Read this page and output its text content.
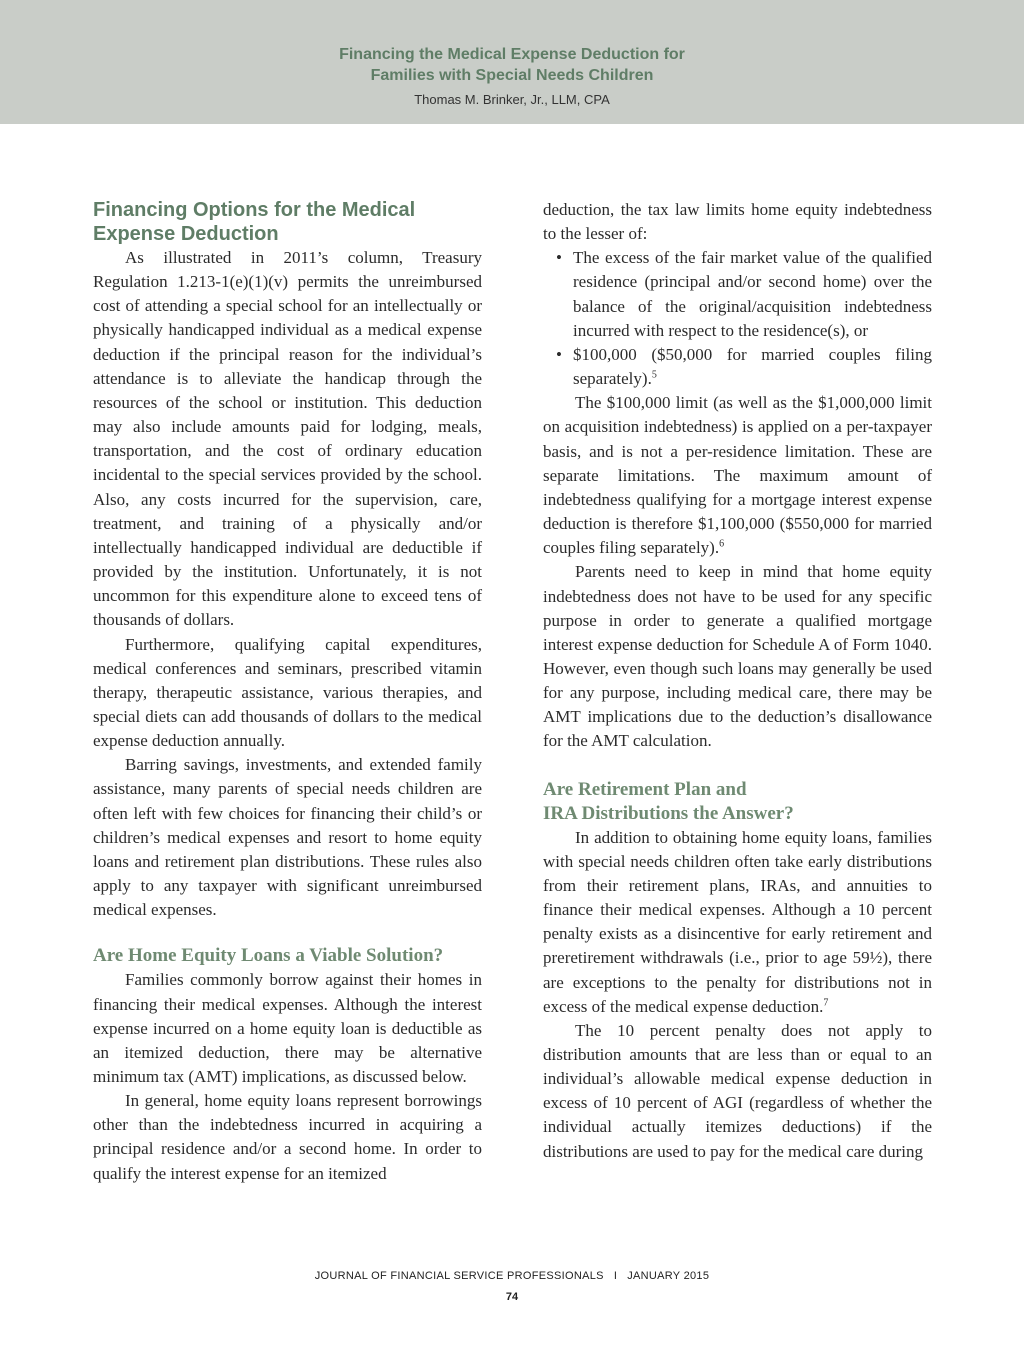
Financing the Medical Expense Deduction for
Families with Special Needs Children
Thomas M. Brinker, Jr., LLM, CPA
Financing Options for the Medical Expense Deduction

As illustrated in 2011’s column, Treasury Regulation 1.213-1(e)(1)(v) permits the unreimbursed cost of attending a special school for an intellectually or physically handicapped individual as a medical expense deduction if the principal reason for the individual’s attendance is to alleviate the handicap through the resources of the school or institution. This deduction may also include amounts paid for lodging, meals, transportation, and the cost of ordinary education incidental to the special services provided by the school. Also, any costs incurred for the supervision, care, treatment, and training of a physically and/or intellectually handicapped individual are deductible if provided by the institution. Unfortunately, it is not uncommon for this expenditure alone to exceed tens of thousands of dollars.

Furthermore, qualifying capital expenditures, medical conferences and seminars, prescribed vitamin therapy, therapeutic assistance, various therapies, and special diets can add thousands of dollars to the medical expense deduction annually.

Barring savings, investments, and extended family assistance, many parents of special needs children are often left with few choices for financing their child’s or children’s medical expenses and resort to home equity loans and retirement plan distributions. These rules also apply to any taxpayer with significant unreimbursed medical expenses.

Are Home Equity Loans a Viable Solution?

Families commonly borrow against their homes in financing their medical expenses. Although the interest expense incurred on a home equity loan is deductible as an itemized deduction, there may be alternative minimum tax (AMT) implications, as discussed below.

In general, home equity loans represent borrowings other than the indebtedness incurred in acquiring a principal residence and/or a second home. In order to qualify the interest expense for an itemized

deduction, the tax law limits home equity indebtedness to the lesser of:

• The excess of the fair market value of the qualified residence (principal and/or second home) over the balance of the original/acquisition indebtedness incurred with respect to the residence(s), or
• $100,000 ($50,000 for married couples filing separately).$^5$

The $100,000 limit (as well as the $1,000,000 limit on acquisition indebtedness) is applied on a per-taxpayer basis, and is not a per-residence limitation. These are separate limitations. The maximum amount of indebtedness qualifying for a mortgage interest expense deduction is therefore $1,100,000 ($550,000 for married couples filing separately).$^6$

Parents need to keep in mind that home equity indebtedness does not have to be used for any specific purpose in order to generate a qualified mortgage interest expense deduction for Schedule A of Form 1040. However, even though such loans may generally be used for any purpose, including medical care, there may be AMT implications due to the deduction’s disallowance for the AMT calculation.

Are Retirement Plan and
IRA Distributions the Answer?

In addition to obtaining home equity loans, families with special needs children often take early distributions from their retirement plans, IRAs, and annuities to finance their medical expenses. Although a 10 percent penalty exists as a disincentive for early retirement and preretirement withdrawals (i.e., prior to age 59½), there are exceptions to the penalty for distributions not in excess of the medical expense deduction.$^7$

The 10 percent penalty does not apply to distribution amounts that are less than or equal to an individual’s allowable medical expense deduction in excess of 10 percent of AGI (regardless of whether the individual actually itemizes deductions) if the distributions are used to pay for the medical care during

JOURNAL OF FINANCIAL SERVICE PROFESSIONALS I JANUARY 2015
74
